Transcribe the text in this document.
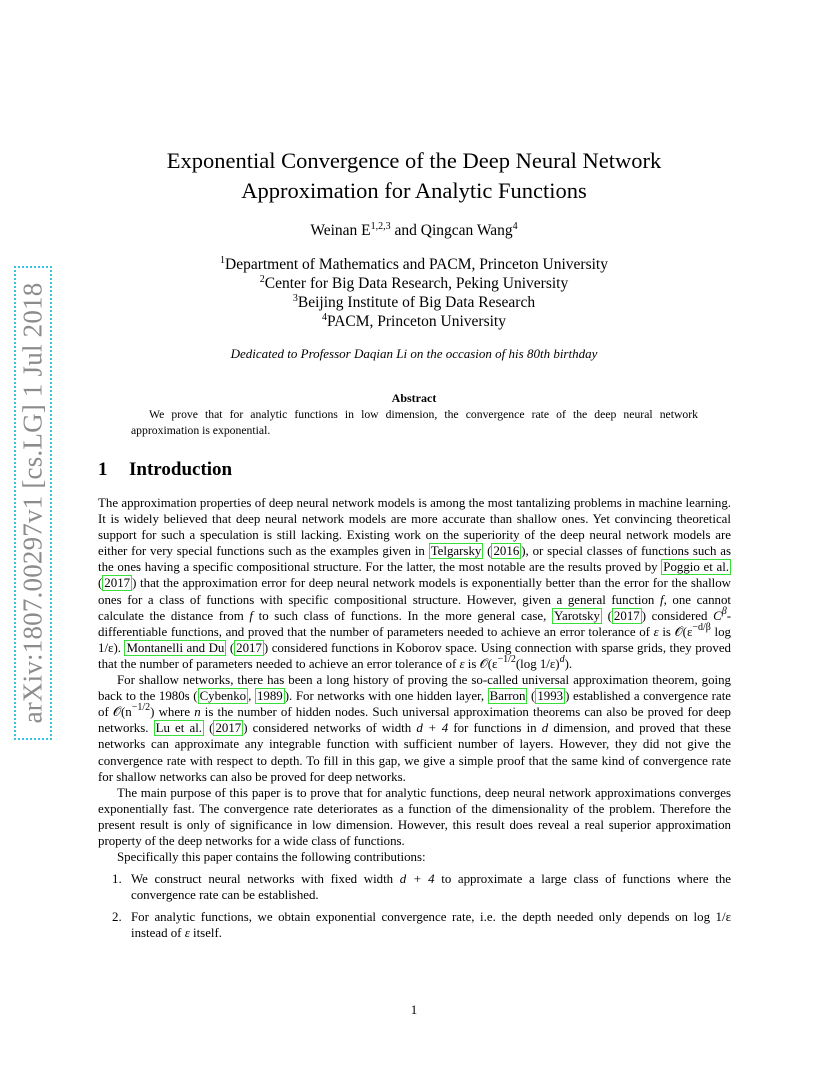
arXiv:1807.00297v1 [cs.LG] 1 Jul 2018
Exponential Convergence of the Deep Neural Network
Approximation for Analytic Functions
Weinan E$^{1,2,3}$ and Qingcan Wang$^4$
$^1$Department of Mathematics and PACM, Princeton University
$^2$Center for Big Data Research, Peking University
$^3$Beijing Institute of Big Data Research
$^4$PACM, Princeton University
Dedicated to Professor Daqian Li on the occasion of his 80th birthday
Abstract
We prove that for analytic functions in low dimension, the convergence rate of the deep neural network approximation is exponential.
1 Introduction

The approximation properties of deep neural network models is among the most tantalizing problems in machine learning. It is widely believed that deep neural network models are more accurate than shallow ones. Yet convincing theoretical support for such a speculation is still lacking. Existing work on the superiority of the deep neural network models are either for very special functions such as the examples given in Telgarsky ( 2016 ), or special classes of functions such as the ones having a specific compositional structure. For the latter, the most notable are the results proved by Poggio et al. ( 2017 ) that the approximation error for deep neural network models is exponentially better than the error for the shallow ones for a class of functions with specific compositional structure. However, given a general function f, one cannot calculate the distance from f to such class of functions. In the more general case, Yarotsky ( 2017 ) considered $C^\beta$-differentiable functions, and proved that the number of parameters needed to achieve an error tolerance of ε is $𝒪(\varepsilon^{-d/\beta}$ log 1/ε). Montanelli and Du ( 2017 ) considered functions in Koborov space. Using connection with sparse grids, they proved that the number of parameters needed to achieve an error tolerance of ε is $𝒪(\varepsilon^{-1/2}(\log$ 1/ε)$^d$).

For shallow networks, there has been a long history of proving the so-called universal approximation theorem, going back to the 1980s ( Cybenko , 1989 ). For networks with one hidden layer, Barron ( 1993 ) established a convergence rate of $𝒪(n^{-1/2})$ where n is the number of hidden nodes. Such universal approximation theorems can also be proved for deep networks. Lu et al. ( 2017 ) considered networks of width d + 4 for functions in d dimension, and proved that these networks can approximate any integrable function with sufficient number of layers. However, they did not give the convergence rate with respect to depth. To fill in this gap, we give a simple proof that the same kind of convergence rate for shallow networks can also be proved for deep networks.

The main purpose of this paper is to prove that for analytic functions, deep neural network approximations converges exponentially fast. The convergence rate deteriorates as a function of the dimensionality of the problem. Therefore the present result is only of significance in low dimension. However, this result does reveal a real superior approximation property of the deep networks for a wide class of functions.

Specifically this paper contains the following contributions:

1. We construct neural networks with fixed width d + 4 to approximate a large class of functions where the convergence rate can be established.
2. For analytic functions, we obtain exponential convergence rate, i.e. the depth needed only depends on log 1/ε instead of ε itself.
1
